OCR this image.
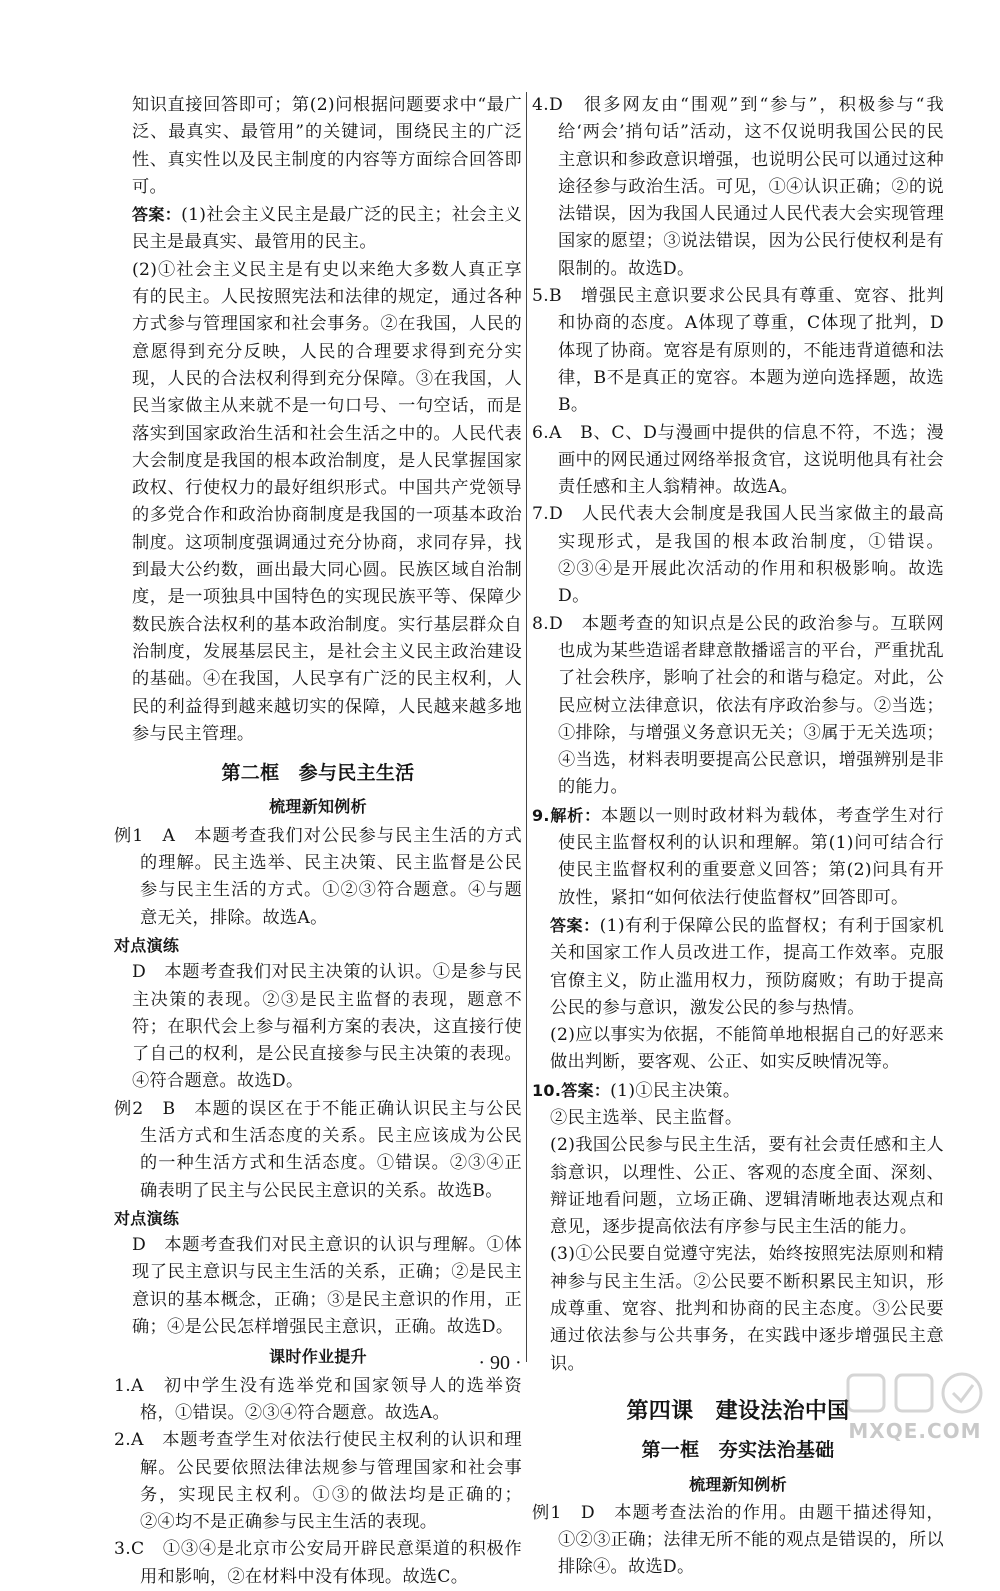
知识直接回答即可；第(2)问根据问题要求中“最广泛、最真实、最管用”的关键词，围绕民主的广泛性、真实性以及民主制度的内容等方面综合回答即可。

答案：(1)社会主义民主是最广泛的民主；社会主义民主是最真实、最管用的民主。

(2)①社会主义民主是有史以来绝大多数人真正享有的民主。人民按照宪法和法律的规定，通过各种方式参与管理国家和社会事务。②在我国，人民的意愿得到充分反映，人民的合理要求得到充分实现，人民的合法权利得到充分保障。③在我国，人民当家做主从来就不是一句口号、一句空话，而是落实到国家政治生活和社会生活之中的。人民代表大会制度是我国的根本政治制度，是人民掌握国家政权、行使权力的最好组织形式。中国共产党领导的多党合作和政治协商制度是我国的一项基本政治制度。这项制度强调通过充分协商，求同存异，找到最大公约数，画出最大同心圆。民族区域自治制度，是一项独具中国特色的实现民族平等、保障少数民族合法权利的基本政治制度。实行基层群众自治制度，发展基层民主，是社会主义民主政治建设的基础。④在我国，人民享有广泛的民主权利，人民的利益得到越来越切实的保障，人民越来越多地参与民主管理。

第二框　参与民主生活
梳理新知例析

例1　A　本题考查我们对公民参与民主生活的方式的理解。民主选举、民主决策、民主监督是公民参与民主生活的方式。①②③符合题意。④与题意无关，排除。故选A。

对点演练

D　本题考查我们对民主决策的认识。①是参与民主决策的表现。②③是民主监督的表现，题意不符；在职代会上参与福利方案的表决，这直接行使了自己的权利，是公民直接参与民主决策的表现。④符合题意。故选D。

例2　B　本题的误区在于不能正确认识民主与公民生活方式和生活态度的关系。民主应该成为公民的一种生活方式和生活态度。①错误。②③④正确表明了民主与公民民主意识的关系。故选B。

对点演练

D　本题考查我们对民主意识的认识与理解。①体现了民主意识与民主生活的关系，正确；②是民主意识的基本概念，正确；③是民主意识的作用，正确；④是公民怎样增强民主意识，正确。故选D。

课时作业提升

1.A　初中学生没有选举党和国家领导人的选举资格，①错误。②③④符合题意。故选A。

2.A　本题考查学生对依法行使民主权利的认识和理解。公民要依照法律法规参与管理国家和社会事务，实现民主权利。①③的做法均是正确的；②④均不是正确参与民主生活的表现。

3.C　①③④是北京市公安局开辟民意渠道的积极作用和影响，②在材料中没有体现。故选C。

4.D　很多网友由“围观”到“参与”，积极参与“我给‘两会’捎句话”活动，这不仅说明我国公民的民主意识和参政意识增强，也说明公民可以通过这种途径参与政治生活。可见，①④认识正确；②的说法错误，因为我国人民通过人民代表大会实现管理国家的愿望；③说法错误，因为公民行使权利是有限制的。故选D。

5.B　增强民主意识要求公民具有尊重、宽容、批判和协商的态度。A体现了尊重，C体现了批判，D体现了协商。宽容是有原则的，不能违背道德和法律，B不是真正的宽容。本题为逆向选择题，故选B。

6.A　B、C、D与漫画中提供的信息不符，不选；漫画中的网民通过网络举报贪官，这说明他具有社会责任感和主人翁精神。故选A。

7.D　人民代表大会制度是我国人民当家做主的最高实现形式，是我国的根本政治制度，①错误。②③④是开展此次活动的作用和积极影响。故选D。

8.D　本题考查的知识点是公民的政治参与。互联网也成为某些造谣者肆意散播谣言的平台，严重扰乱了社会秩序，影响了社会的和谐与稳定。对此，公民应树立法律意识，依法有序政治参与。②当选；①排除，与增强义务意识无关；③属于无关选项；④当选，材料表明要提高公民意识，增强辨别是非的能力。

9.解析：本题以一则时政材料为载体，考查学生对行使民主监督权利的认识和理解。第(1)问可结合行使民主监督权利的重要意义回答；第(2)问具有开放性，紧扣“如何依法行使监督权”回答即可。

答案：(1)有利于保障公民的监督权；有利于国家机关和国家工作人员改进工作，提高工作效率。克服官僚主义，防止滥用权力，预防腐败；有助于提高公民的参与意识，激发公民的参与热情。

(2)应以事实为依据，不能简单地根据自己的好恶来做出判断，要客观、公正、如实反映情况等。

10.答案：(1)①民主决策。

②民主选举、民主监督。

(2)我国公民参与民主生活，要有社会责任感和主人翁意识，以理性、公正、客观的态度全面、深刻、辩证地看问题，立场正确、逻辑清晰地表达观点和意见，逐步提高依法有序参与民主生活的能力。

(3)①公民要自觉遵守宪法，始终按照宪法原则和精神参与民主生活。②公民要不断积累民主知识，形成尊重、宽容、批判和协商的民主态度。③公民要通过依法参与公共事务，在实践中逐步增强民主意识。

第四课　建设法治中国
第一框　夯实法治基础
梳理新知例析

例1　D　本题考查法治的作用。由题干描述得知，①②③正确；法律无所不能的观点是错误的，所以排除④。故选D。

· 90 ·
MXQE.COM
